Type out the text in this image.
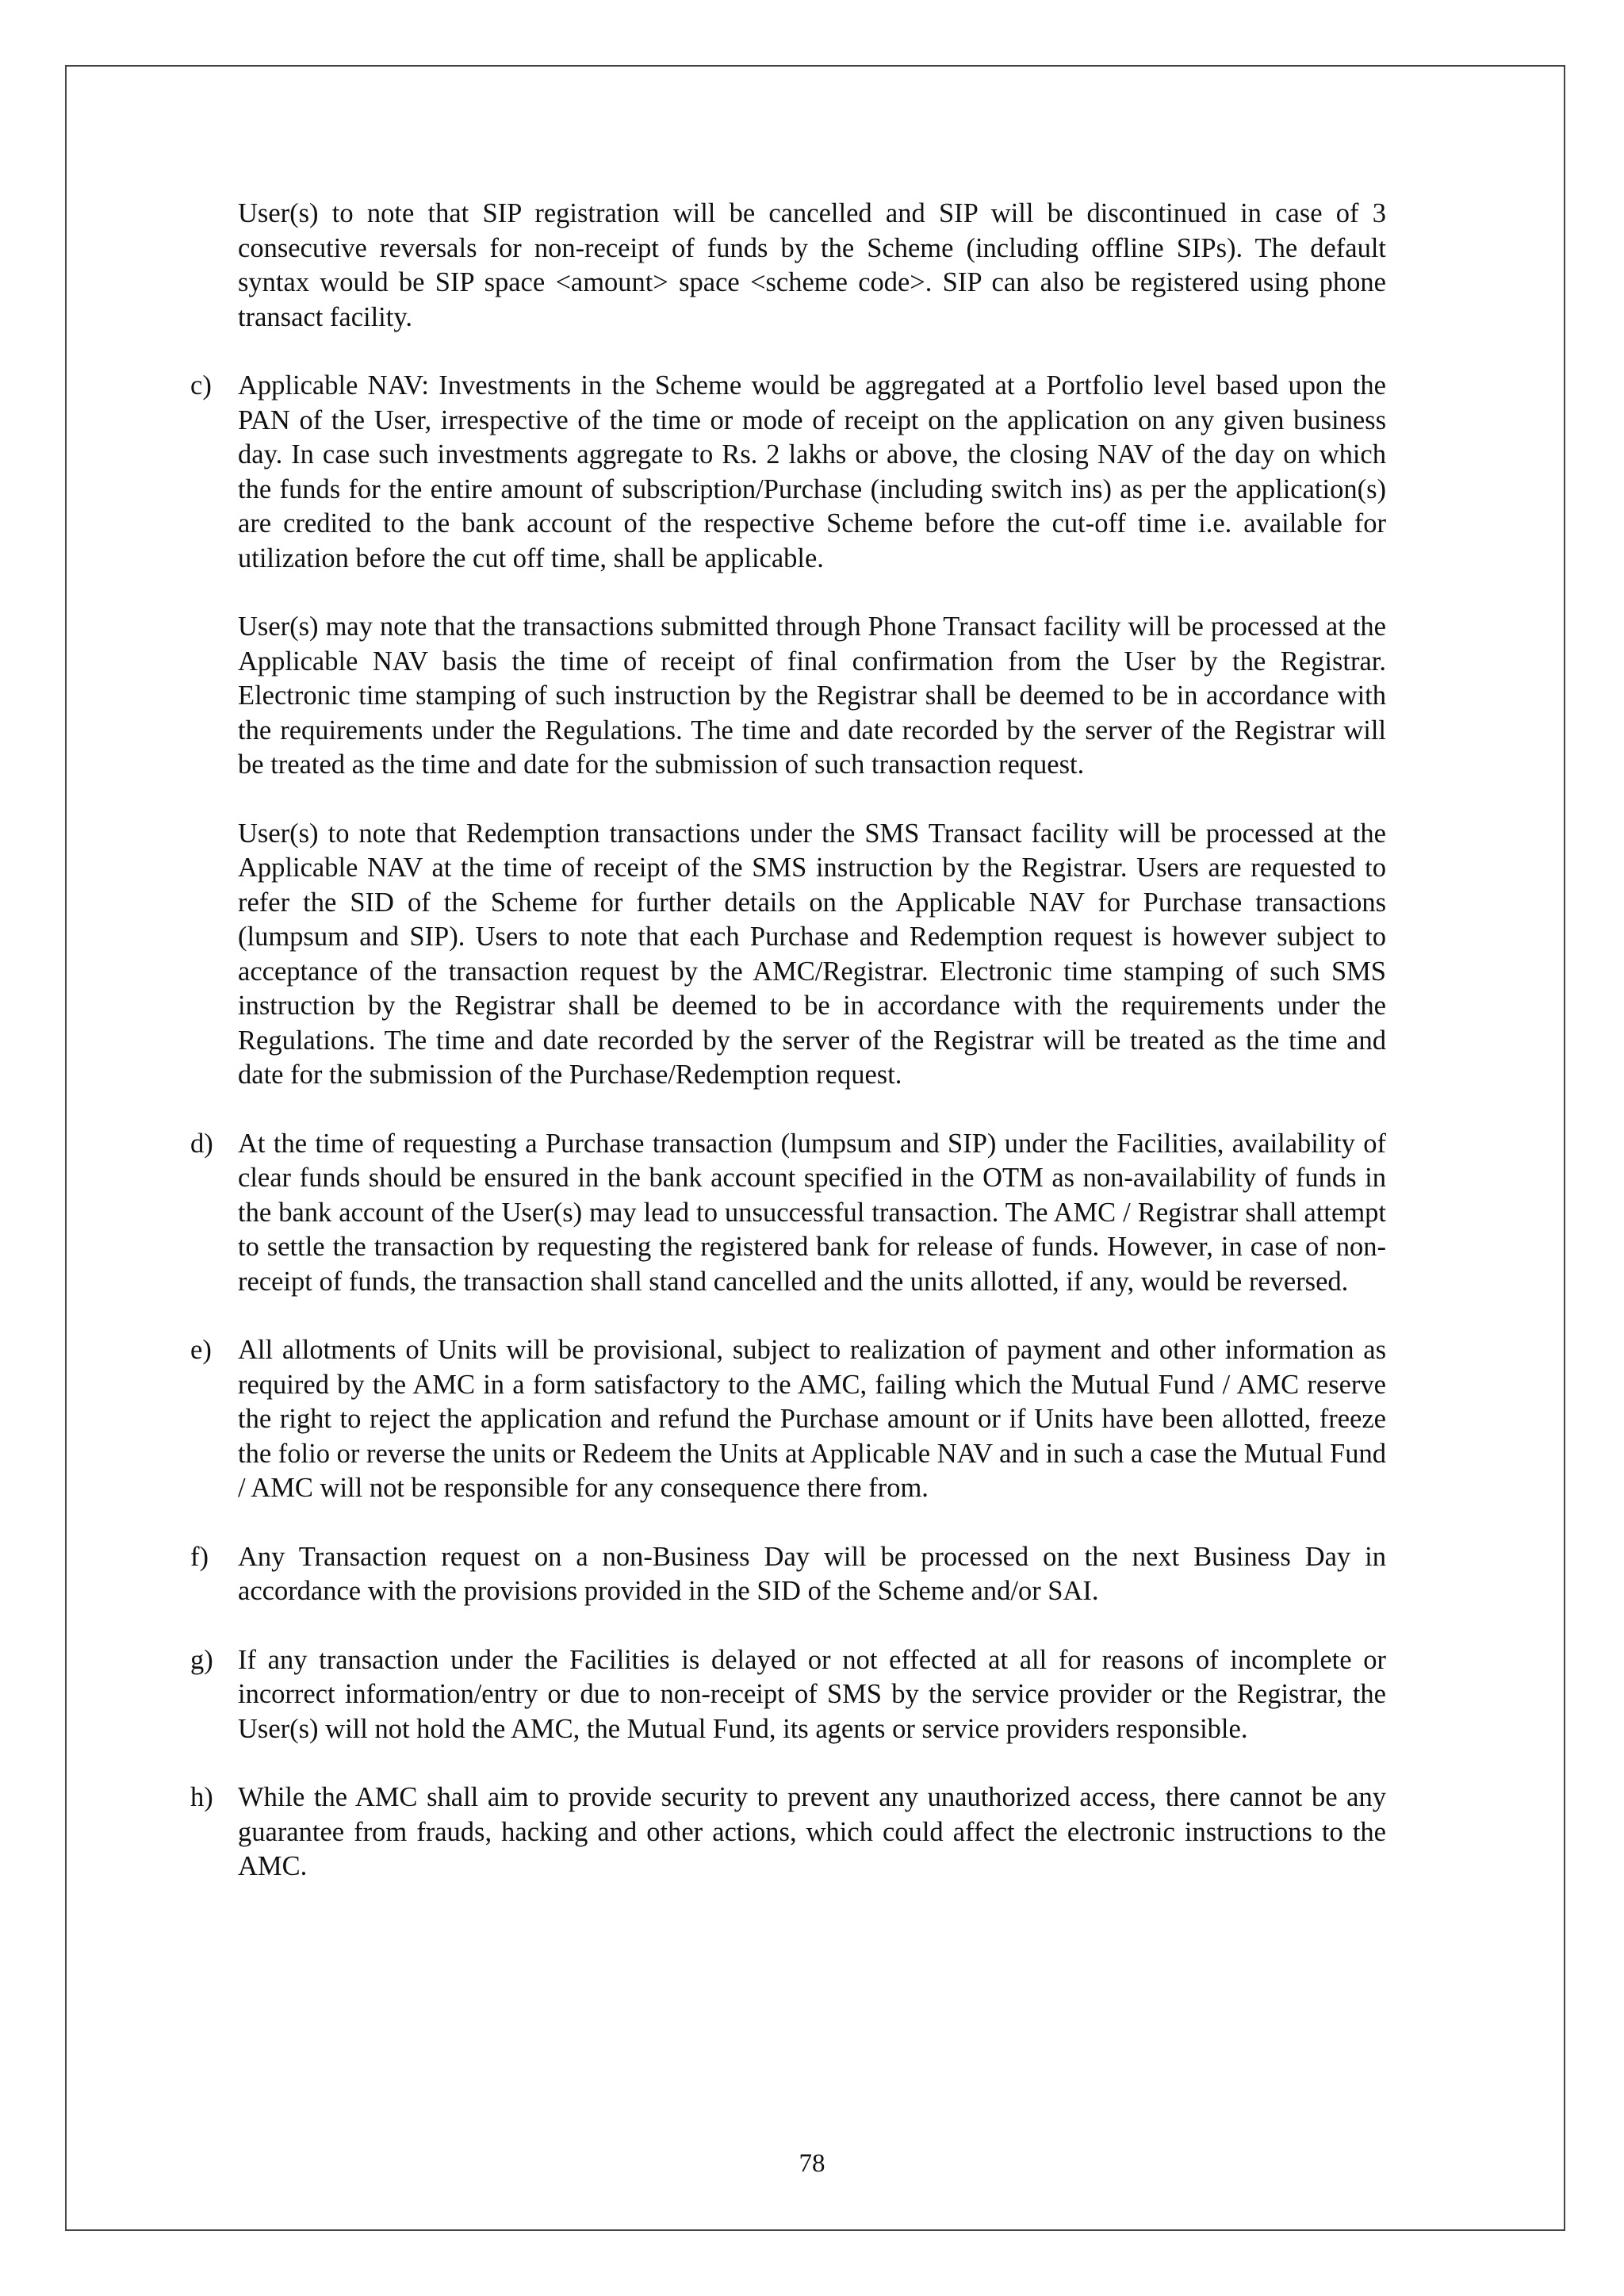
User(s) to note that SIP registration will be cancelled and SIP will be discontinued in case of 3 consecutive reversals for non-receipt of funds by the Scheme (including offline SIPs). The default syntax would be SIP space <amount> space <scheme code>. SIP can also be registered using phone transact facility.

c) Applicable NAV: Investments in the Scheme would be aggregated at a Portfolio level based upon the PAN of the User, irrespective of the time or mode of receipt on the application on any given business day. In case such investments aggregate to Rs. 2 lakhs or above, the closing NAV of the day on which the funds for the entire amount of subscription/Purchase (including switch ins) as per the application(s) are credited to the bank account of the respective Scheme before the cut-off time i.e. available for utilization before the cut off time, shall be applicable.

User(s) may note that the transactions submitted through Phone Transact facility will be processed at the Applicable NAV basis the time of receipt of final confirmation from the User by the Registrar. Electronic time stamping of such instruction by the Registrar shall be deemed to be in accordance with the requirements under the Regulations. The time and date recorded by the server of the Registrar will be treated as the time and date for the submission of such transaction request.

User(s) to note that Redemption transactions under the SMS Transact facility will be processed at the Applicable NAV at the time of receipt of the SMS instruction by the Registrar. Users are requested to refer the SID of the Scheme for further details on the Applicable NAV for Purchase transactions (lumpsum and SIP). Users to note that each Purchase and Redemption request is however subject to acceptance of the transaction request by the AMC/Registrar. Electronic time stamping of such SMS instruction by the Registrar shall be deemed to be in accordance with the requirements under the Regulations. The time and date recorded by the server of the Registrar will be treated as the time and date for the submission of the Purchase/Redemption request.

d) At the time of requesting a Purchase transaction (lumpsum and SIP) under the Facilities, availability of clear funds should be ensured in the bank account specified in the OTM as non-availability of funds in the bank account of the User(s) may lead to unsuccessful transaction. The AMC / Registrar shall attempt to settle the transaction by requesting the registered bank for release of funds. However, in case of non-receipt of funds, the transaction shall stand cancelled and the units allotted, if any, would be reversed.

e) All allotments of Units will be provisional, subject to realization of payment and other information as required by the AMC in a form satisfactory to the AMC, failing which the Mutual Fund / AMC reserve the right to reject the application and refund the Purchase amount or if Units have been allotted, freeze the folio or reverse the units or Redeem the Units at Applicable NAV and in such a case the Mutual Fund / AMC will not be responsible for any consequence there from.

f)	Any Transaction request on a non-Business Day will be processed on the next Business Day in accordance with the provisions provided in the SID of the Scheme and/or SAI.

g) If any transaction under the Facilities is delayed or not effected at all for reasons of incomplete or incorrect information/entry or due to non-receipt of SMS by the service provider or the Registrar, the User(s) will not hold the AMC, the Mutual Fund, its agents or service providers responsible.

h) While the AMC shall aim to provide security to prevent any unauthorized access, there cannot be any guarantee from frauds, hacking and other actions, which could affect the electronic instructions to the AMC.

78
